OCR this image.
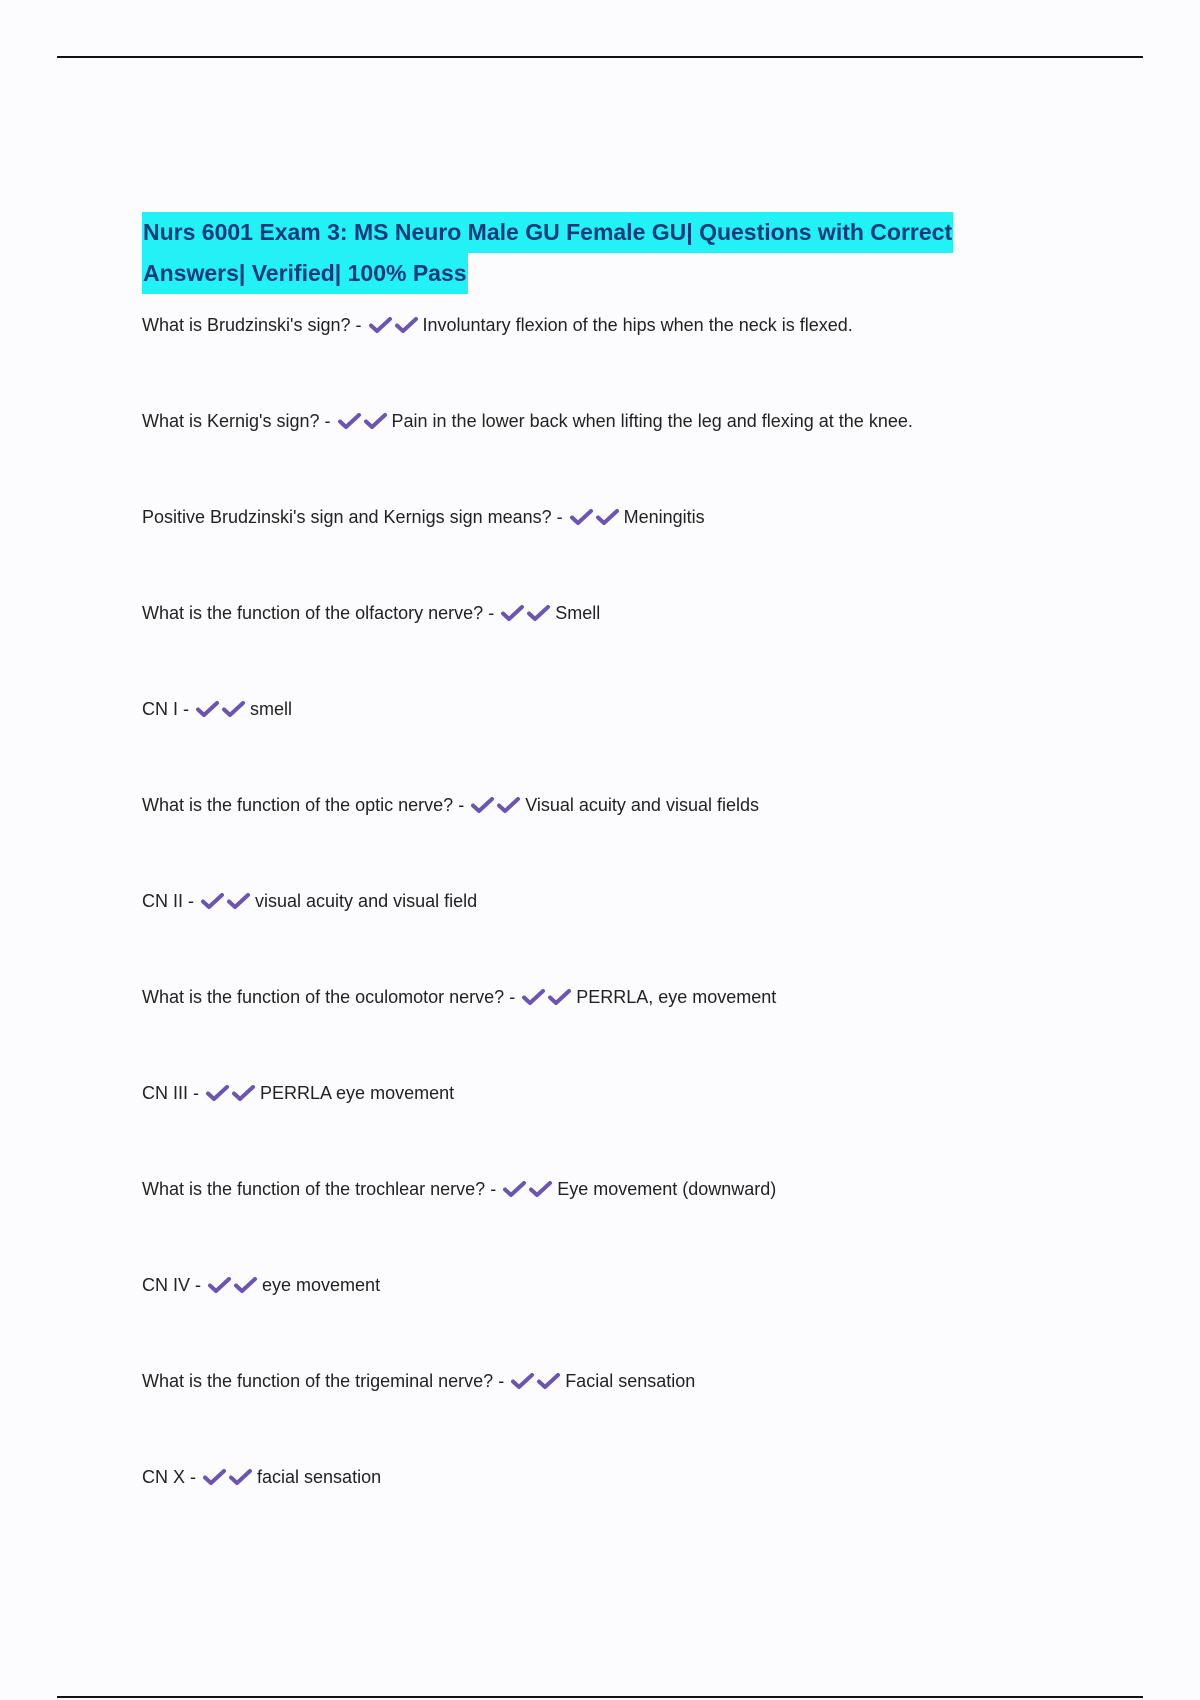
Nurs 6001 Exam 3: MS Neuro Male GU Female GU| Questions with Correct
Answers| Verified| 100% Pass
What is Brudzinski's sign? -	Involuntary flexion of the hips when the neck is flexed.
What is Kernig's sign? -	Pain in the lower back when lifting the leg and flexing at the knee.
Positive Brudzinski's sign and Kernigs sign means? -	Meningitis
What is the function of the olfactory nerve? -	Smell
CN I -	smell
What is the function of the optic nerve? -	Visual acuity and visual fields
CN II -	visual acuity and visual field
What is the function of the oculomotor nerve? -	PERRLA, eye movement
CN III -	PERRLA eye movement
What is the function of the trochlear nerve? -	Eye movement (downward)
CN IV -	eye movement
What is the function of the trigeminal nerve? -	Facial sensation
CN X -	facial sensation
